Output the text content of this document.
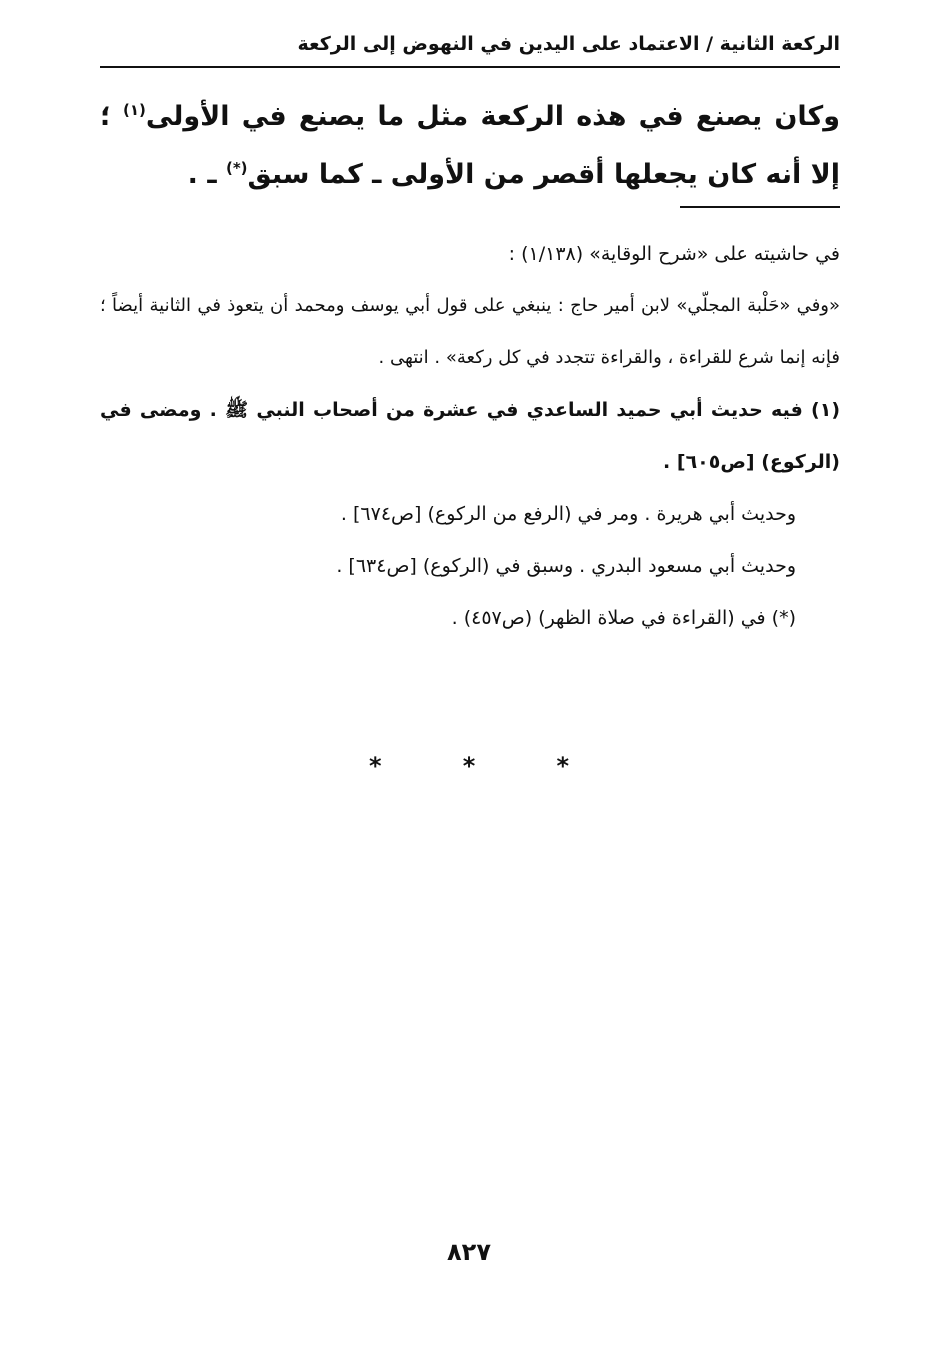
الركعة الثانية / الاعتماد على اليدين في النهوض إلى الركعة

وكان يصنع في هذه الركعة مثل ما يصنع في الأولى$^{(١)}$ ؛ إلا أنه كان يجعلها أقصر من الأولى ـ كما سبق(*) ـ .

في حاشيته على «شرح الوقاية» (١/١٣٨) :

«وفي «حَلْبة المجلّي» لابن أمير حاج : ينبغي على قول أبي يوسف ومحمد أن يتعوذ في الثانية أيضاً ؛ فإنه إنما شرع للقراءة ، والقراءة تتجدد في كل ركعة» . انتهى .

(١) فيه حديث أبي حميد الساعدي في عشرة من أصحاب النبي ﷺ . ومضى في (الركوع) [ص٦٠٥] .

وحديث أبي هريرة . ومر في (الرفع من الركوع) [ص٦٧٤] .

وحديث أبي مسعود البدري . وسبق في (الركوع) [ص٦٣٤] .

(*) في (القراءة في صلاة الظهر) (ص٤٥٧) .

*	*	*
٨٢٧
